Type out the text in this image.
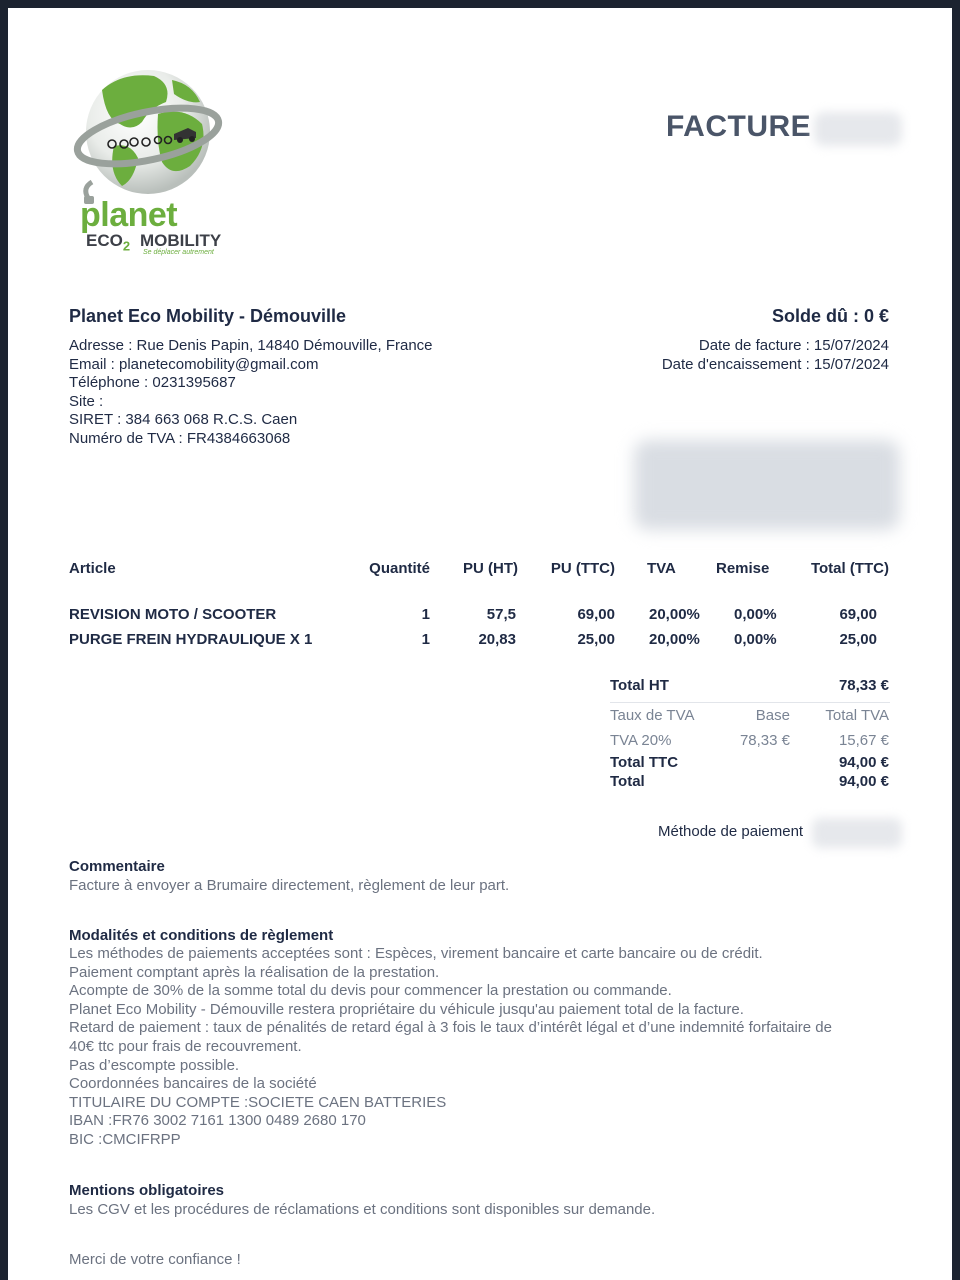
planet
$ECO_2$ MOBILITY
Se déplacer autrement
FACTURE
Planet Eco Mobility - Démouville
Adresse : Rue Denis Papin, 14840 Démouville, France
Email : planetecomobility@gmail.com
Téléphone : 0231395687
Site :
SIRET : 384 663 068 R.C.S. Caen
Numéro de TVA : FR4384663068
Solde dû : 0 €
Date de facture : 15/07/2024
Date d'encaissement : 15/07/2024
Article	Quantité PU (HT) PU (TTC) TVA	Remise	Total (TTC)
REVISION MOTO / SCOOTER	1	57,5	69,00 20,00% 0,00%	69,00
PURGE FREIN HYDRAULIQUE X 1	1	20,83	25,00 20,00% 0,00%	25,00
Total HT	78,33 €
Taux de TVA	Base Total TVA
TVA 20%	78,33 €	15,67 €
Total TTC	94,00 €
Total	94,00 €
Méthode de paiement
Commentaire
Facture à envoyer a Brumaire directement, règlement de leur part.
Modalités et conditions de règlement
Les méthodes de paiements acceptées sont : Espèces, virement bancaire et carte bancaire ou de crédit.
Paiement comptant après la réalisation de la prestation.
Acompte de 30% de la somme total du devis pour commencer la prestation ou commande.
Planet Eco Mobility - Démouville restera propriétaire du véhicule jusqu'au paiement total de la facture.
Retard de paiement : taux de pénalités de retard égal à 3 fois le taux d’intérêt légal et d’une indemnité forfaitaire de
40€ ttc pour frais de recouvrement.
Pas d’escompte possible.
Coordonnées bancaires de la société
TITULAIRE DU COMPTE :SOCIETE CAEN BATTERIES
IBAN :FR76 3002 7161 1300 0489 2680 170
BIC :CMCIFRPP
Mentions obligatoires
Les CGV et les procédures de réclamations et conditions sont disponibles sur demande.
Merci de votre confiance !
